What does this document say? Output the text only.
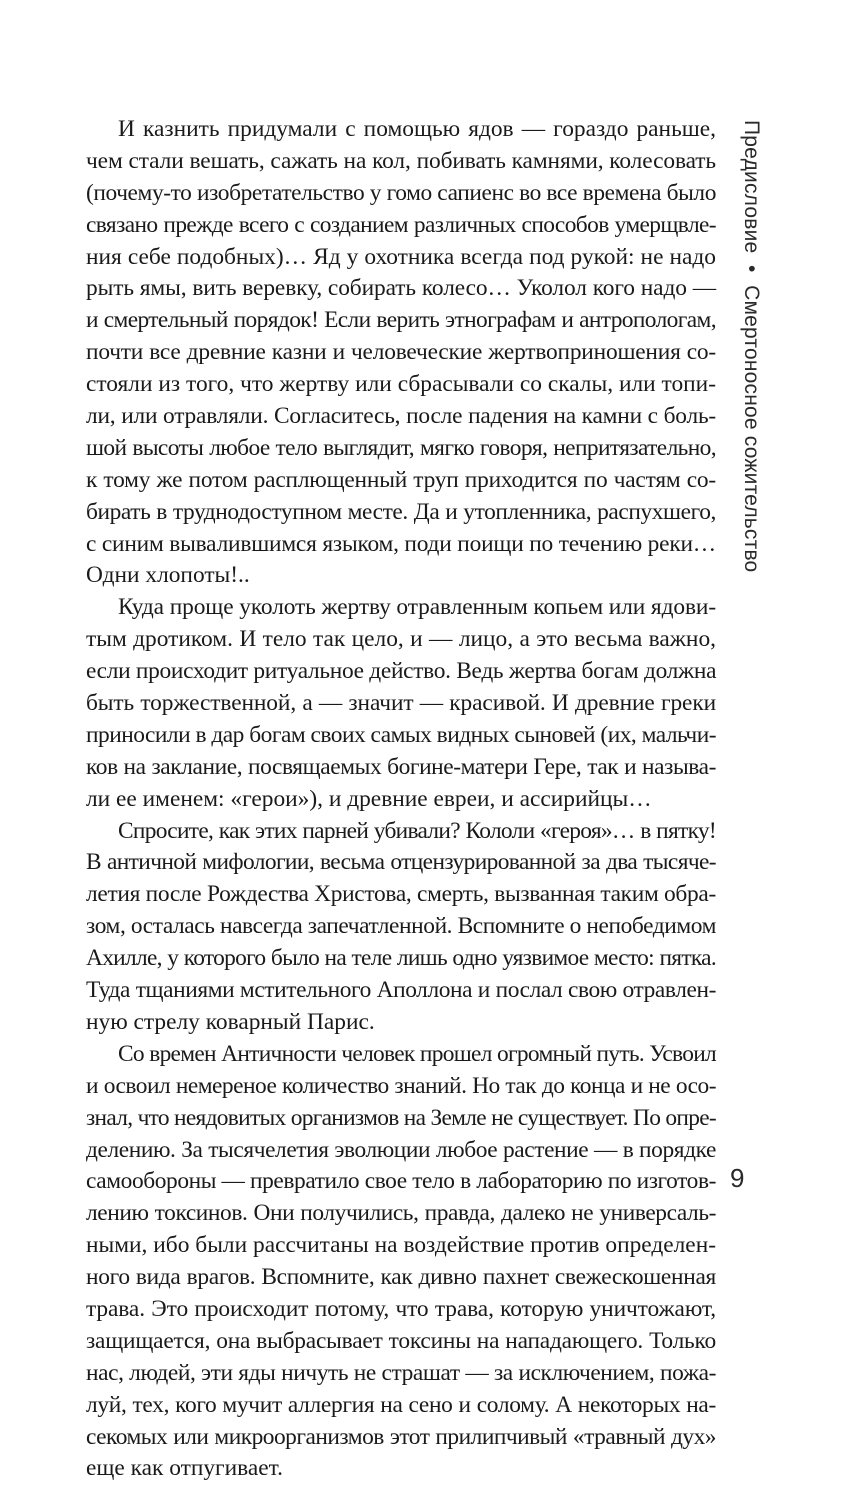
И казнить придумали с помощью ядов — гораздо раньше,
чем стали вешать, сажать на кол, побивать камнями, колесовать
(почему-то изобретательство у гомо сапиенс во все времена было
связано прежде всего с созданием различных способов умерщвле-
ния себе подобных)… Яд у охотника всегда под рукой: не надо
рыть ямы, вить веревку, собирать колесо… Уколол кого надо —
и смертельный порядок! Если верить этнографам и антропологам,
почти все древние казни и человеческие жертвоприношения со-
стояли из того, что жертву или сбрасывали со скалы, или топи-
ли, или отравляли. Согласитесь, после падения на камни с боль-
шой высоты любое тело выглядит, мягко говоря, непритязательно,
к тому же потом расплющенный труп приходится по частям со-
бирать в труднодоступном месте. Да и утопленника, распухшего,
с синим вывалившимся языком, поди поищи по течению реки…
Одни хлопоты!..
Куда проще уколоть жертву отравленным копьем или ядови-
тым дротиком. И тело так цело, и — лицо, а это весьма важно,
если происходит ритуальное действо. Ведь жертва богам должна
быть торжественной, а — значит — красивой. И древние греки
приносили в дар богам своих самых видных сыновей (их, мальчи-
ков на заклание, посвящаемых богине-матери Гере, так и называ-
ли ее именем: «герои»), и древние евреи, и ассирийцы…
Спросите, как этих парней убивали? Кололи «героя»… в пятку!
В античной мифологии, весьма отцензурированной за два тысяче-
летия после Рождества Христова, смерть, вызванная таким обра-
зом, осталась навсегда запечатленной. Вспомните о непобедимом
Ахилле, у которого было на теле лишь одно уязвимое место: пятка.
Туда тщаниями мстительного Аполлона и послал свою отравлен-
ную стрелу коварный Парис.
Со времен Античности человек прошел огромный путь. Усвоил
и освоил немереное количество знаний. Но так до конца и не осо-
знал, что неядовитых организмов на Земле не существует. По опре-
делению. За тысячелетия эволюции любое растение — в порядке
самообороны — превратило свое тело в лабораторию по изготов-
лению токсинов. Они получились, правда, далеко не универсаль-
ными, ибо были рассчитаны на воздействие против определен-
ного вида врагов. Вспомните, как дивно пахнет свежескошенная
трава. Это происходит потому, что трава, которую уничтожают,
защищается, она выбрасывает токсины на нападающего. Только
нас, людей, эти яды ничуть не страшат — за исключением, пожа-
луй, тех, кого мучит аллергия на сено и солому. А некоторых на-
секомых или микроорганизмов этот прилипчивый «травный дух»
еще как отпугивает.
Предисловие • Смертоносное сожительство
9
